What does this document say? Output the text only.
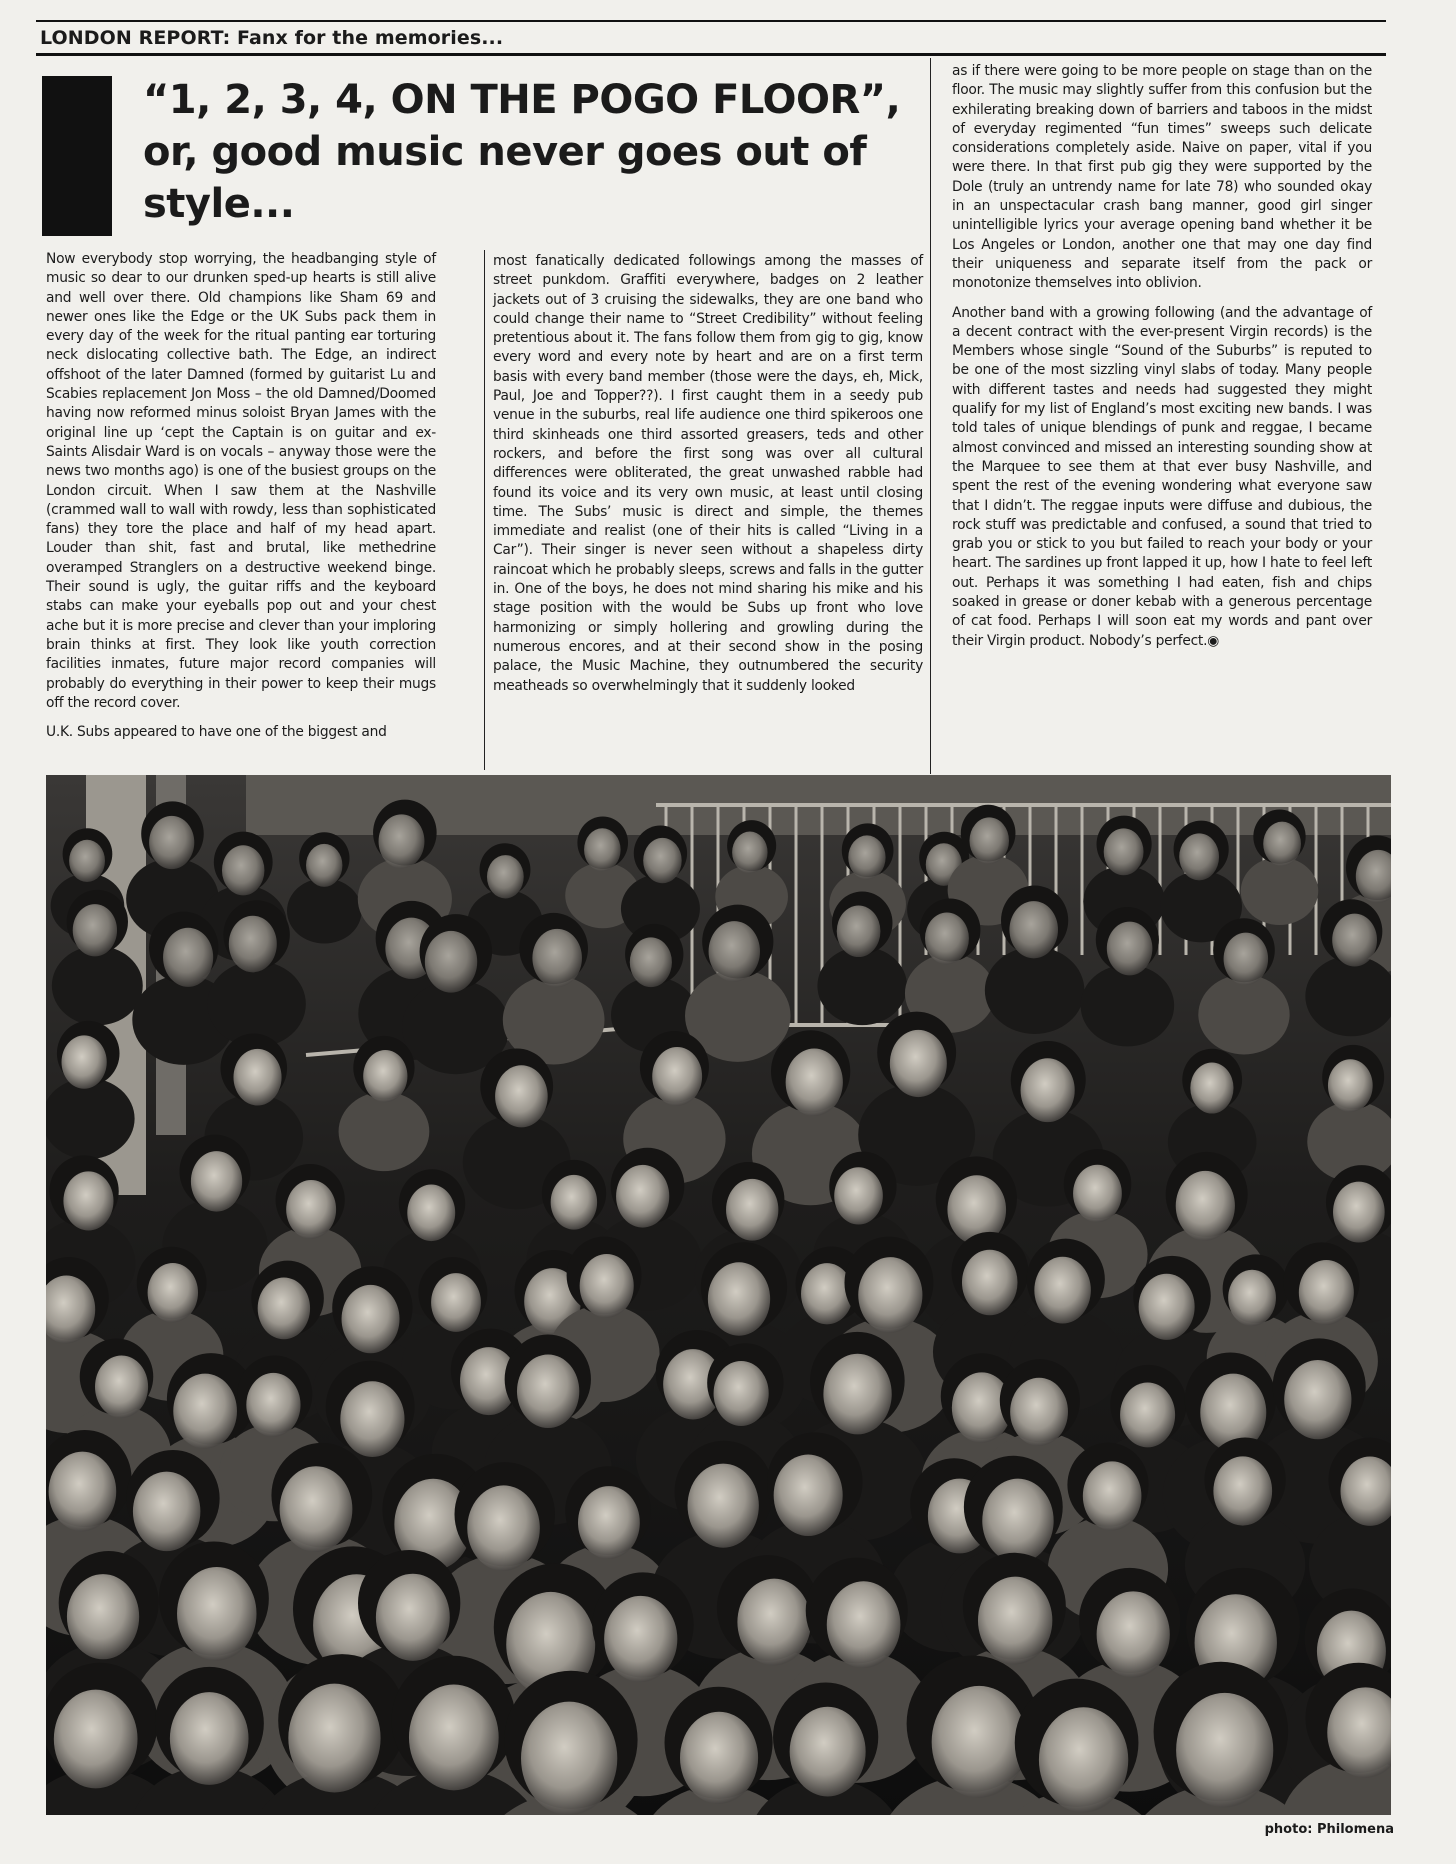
LONDON REPORT: Fanx for the memories...
“1, 2, 3, 4, ON THE POGO FLOOR”,
or, good music never goes out of
style...

Now everybody stop worrying, the headbanging style of music so dear to our drunken sped-up hearts is still alive and well over there. Old champions like Sham 69 and newer ones like the Edge or the UK Subs pack them in every day of the week for the ritual panting ear torturing neck dislocating collective bath. The Edge, an indirect offshoot of the later Damned (formed by guitarist Lu and Scabies replacement Jon Moss – the old Damned/Doomed having now reformed minus soloist Bryan James with the original line up ‘cept the Captain is on guitar and ex-Saints Alisdair Ward is on vocals – anyway those were the news two months ago) is one of the busiest groups on the London circuit. When I saw them at the Nashville (crammed wall to wall with rowdy, less than sophisticated fans) they tore the place and half of my head apart. Louder than shit, fast and brutal, like methedrine overamped Stranglers on a destructive weekend binge. Their sound is ugly, the guitar riffs and the keyboard stabs can make your eyeballs pop out and your chest ache but it is more precise and clever than your imploring brain thinks at first. They look like youth correction facilities inmates, future major record companies will probably do everything in their power to keep their mugs off the record cover.

U.K. Subs appeared to have one of the biggest and

most fanatically dedicated followings among the masses of street punkdom. Graffiti everywhere, badges on 2 leather jackets out of 3 cruising the sidewalks, they are one band who could change their name to “Street Credibility” without feeling pretentious about it. The fans follow them from gig to gig, know every word and every note by heart and are on a first term basis with every band member (those were the days, eh, Mick, Paul, Joe and Topper??). I first caught them in a seedy pub venue in the suburbs, real life audience one third spikeroos one third skinheads one third assorted greasers, teds and other rockers, and before the first song was over all cultural differences were obliterated, the great unwashed rabble had found its voice and its very own music, at least until closing time. The Subs’ music is direct and simple, the themes immediate and realist (one of their hits is called “Living in a Car”). Their singer is never seen without a shapeless dirty raincoat which he probably sleeps, screws and falls in the gutter in. One of the boys, he does not mind sharing his mike and his stage position with the would be Subs up front who love harmonizing or simply hollering and growling during the numerous encores, and at their second show in the posing palace, the Music Machine, they outnumbered the security meatheads so overwhelmingly that it suddenly looked

as if there were going to be more people on stage than on the floor. The music may slightly suffer from this confusion but the exhilerating breaking down of barriers and taboos in the midst of everyday regimented “fun times” sweeps such delicate considerations completely aside. Naive on paper, vital if you were there. In that first pub gig they were supported by the Dole (truly an untrendy name for late 78) who sounded okay in an unspectacular crash bang manner, good girl singer unintelligible lyrics your average opening band whether it be Los Angeles or London, another one that may one day find their uniqueness and separate itself from the pack or monotonize themselves into oblivion.

Another band with a growing following (and the advantage of a decent contract with the ever-present Virgin records) is the Members whose single “Sound of the Suburbs” is reputed to be one of the most sizzling vinyl slabs of today. Many people with different tastes and needs had suggested they might qualify for my list of England’s most exciting new bands. I was told tales of unique blendings of punk and reggae, I became almost convinced and missed an interesting sounding show at the Marquee to see them at that ever busy Nashville, and spent the rest of the evening wondering what everyone saw that I didn’t. The reggae inputs were diffuse and dubious, the rock stuff was predictable and confused, a sound that tried to grab you or stick to you but failed to reach your body or your heart. The sardines up front lapped it up, how I hate to feel left out. Perhaps it was something I had eaten, fish and chips soaked in grease or doner kebab with a generous percentage of cat food. Perhaps I will soon eat my words and pant over their Virgin product. Nobody’s perfect.◉

photo: Philomena
